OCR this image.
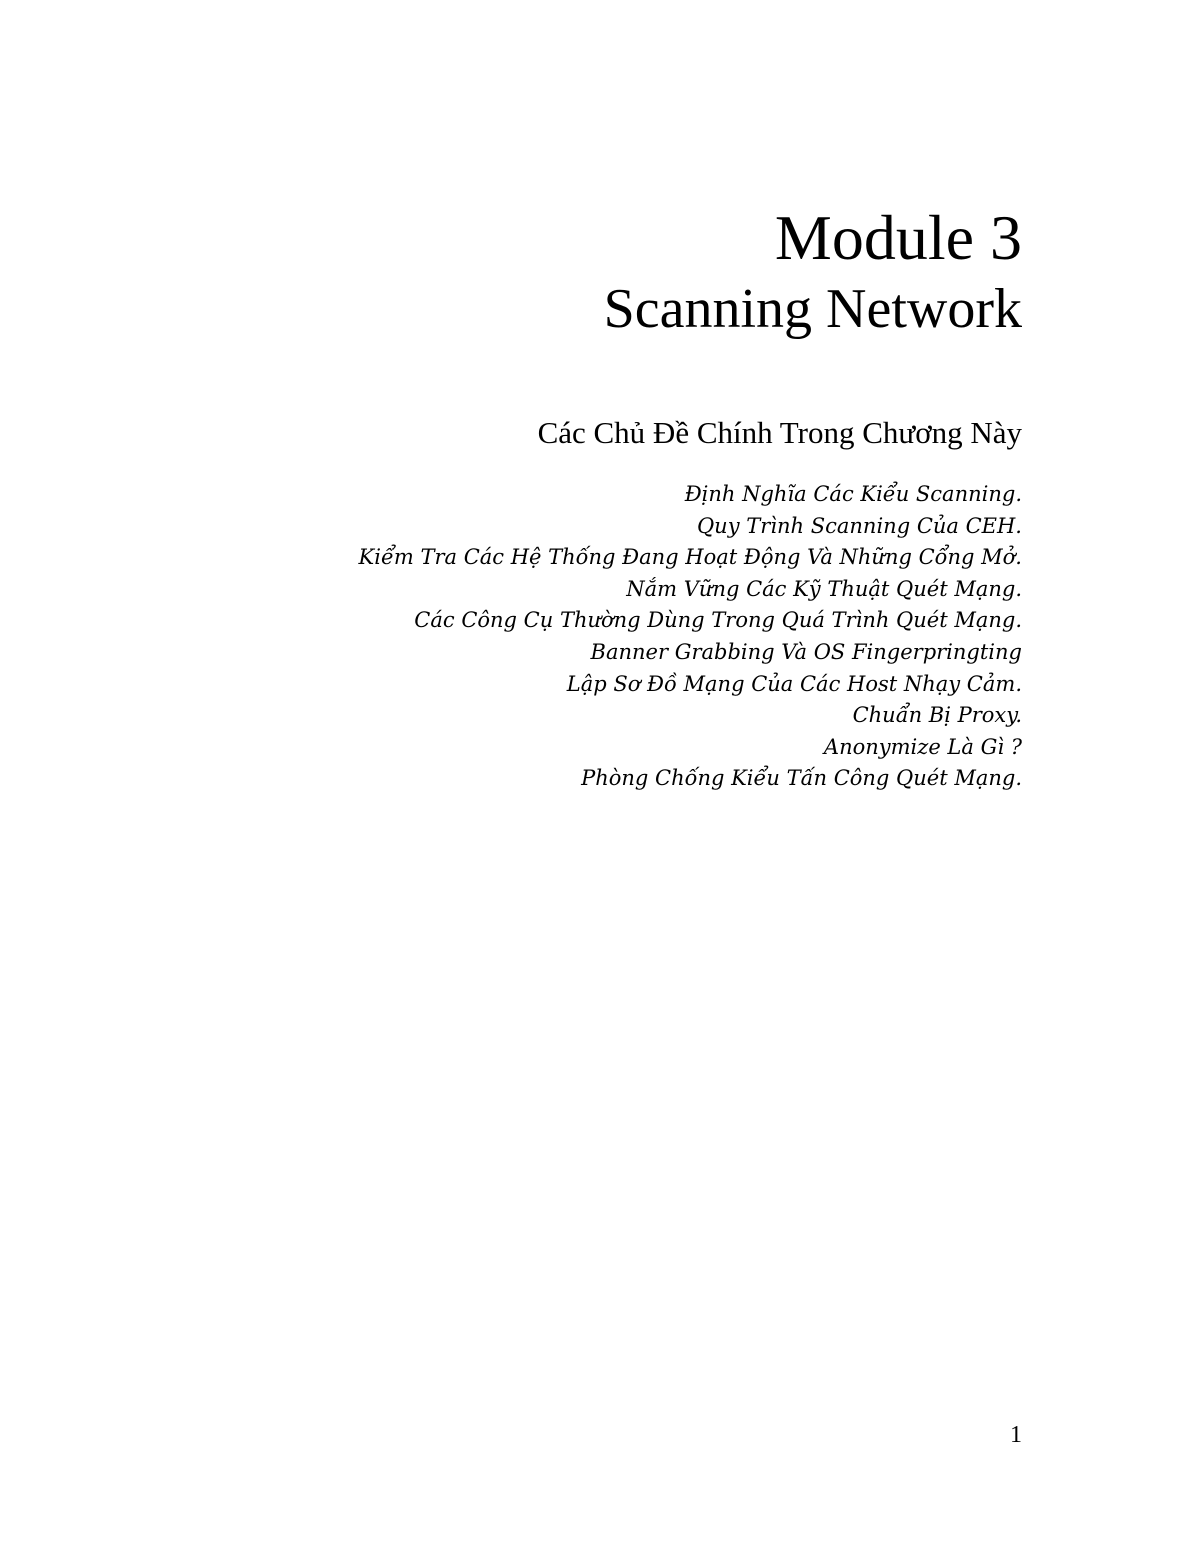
Module 3
Scanning Network
Các Chủ Đề Chính Trong Chương Này
Định Nghĩa Các Kiểu Scanning.
Quy Trình Scanning Của CEH.
Kiểm Tra Các Hệ Thống Đang Hoạt Động Và Những Cổng Mở.
Nắm Vững Các Kỹ Thuật Quét Mạng.
Các Công Cụ Thường Dùng Trong Quá Trình Quét Mạng.
Banner Grabbing Và OS Fingerpringting
Lập Sơ Đồ Mạng Của Các Host Nhạy Cảm.
Chuẩn Bị Proxy.
Anonymize Là Gì ?
Phòng Chống Kiểu Tấn Công Quét Mạng.
1
